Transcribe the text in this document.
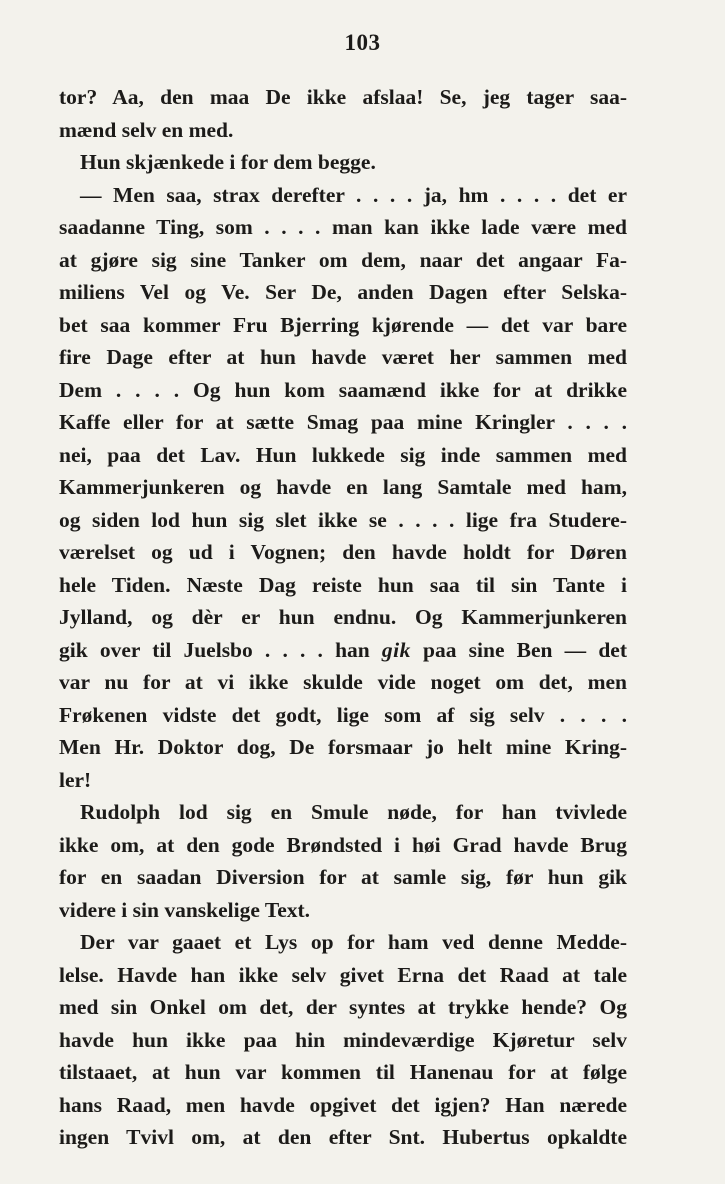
103
tor? Aa, den maa De ikke afslaa! Se, jeg tager saa-
mænd selv en med.
Hun skjænkede i for dem begge.
— Men saa, strax derefter . . . . ja, hm . . . . det er
saadanne Ting, som . . . . man kan ikke lade være med
at gjøre sig sine Tanker om dem, naar det angaar Fa-
miliens Vel og Ve. Ser De, anden Dagen efter Selska-
bet saa kommer Fru Bjerring kjørende — det var bare
fire Dage efter at hun havde været her sammen med
Dem . . . . Og hun kom saamænd ikke for at drikke
Kaffe eller for at sætte Smag paa mine Kringler . . . .
nei, paa det Lav. Hun lukkede sig inde sammen med
Kammerjunkeren og havde en lang Samtale med ham,
og siden lod hun sig slet ikke se . . . . lige fra Studere-
værelset og ud i Vognen; den havde holdt for Døren
hele Tiden. Næste Dag reiste hun saa til sin Tante i
Jylland, og dèr er hun endnu. Og Kammerjunkeren
gik over til Juelsbo . . . . han gik paa sine Ben — det
var nu for at vi ikke skulde vide noget om det, men
Frøkenen vidste det godt, lige som af sig selv . . . .
Men Hr. Doktor dog, De forsmaar jo helt mine Kring-
ler!
Rudolph lod sig en Smule nøde, for han tvivlede
ikke om, at den gode Brøndsted i høi Grad havde Brug
for en saadan Diversion for at samle sig, før hun gik
videre i sin vanskelige Text.
Der var gaaet et Lys op for ham ved denne Medde-
lelse. Havde han ikke selv givet Erna det Raad at tale
med sin Onkel om det, der syntes at trykke hende? Og
havde hun ikke paa hin mindeværdige Kjøretur selv
tilstaaet, at hun var kommen til Hanenau for at følge
hans Raad, men havde opgivet det igjen? Han nærede
ingen Tvivl om, at den efter Snt. Hubertus opkaldte
